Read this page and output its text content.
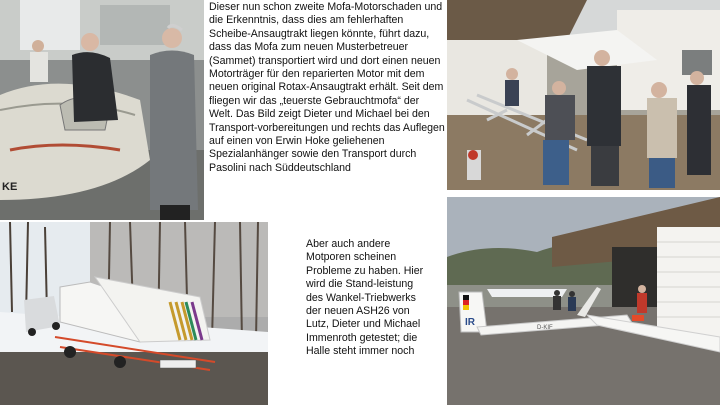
KE
Dieser nun schon zweite Mofa-Motorschaden und die Erkenntnis, dass dies am fehlerhaften Scheibe-Ansaugtrakt liegen könnte, führt dazu, dass das Mofa zum neuen Musterbetreuer (Sammet) transportiert wird und dort einen neuen Motorträger für den reparierten Motor mit dem neuen original Rotax-Ansaugtrakt erhält. Seit dem fliegen wir das „teuerste Gebrauchtmofa“ der Welt. Das Bild zeigt Dieter und Michael bei den Transport-vorbereitungen und rechts das Auflegen auf einen von Erwin Hoke geliehenen Spezialanhänger sowie den Transport durch Pasolini nach Süddeutschland
Aber auch andere Motporen scheinen Probleme zu haben. Hier wird die Stand-leistung des Wankel-Triebwerks der neuen ASH26 von Lutz, Dieter und Michael Immenroth getestet; die Halle steht immer noch
IR	D-KIF
